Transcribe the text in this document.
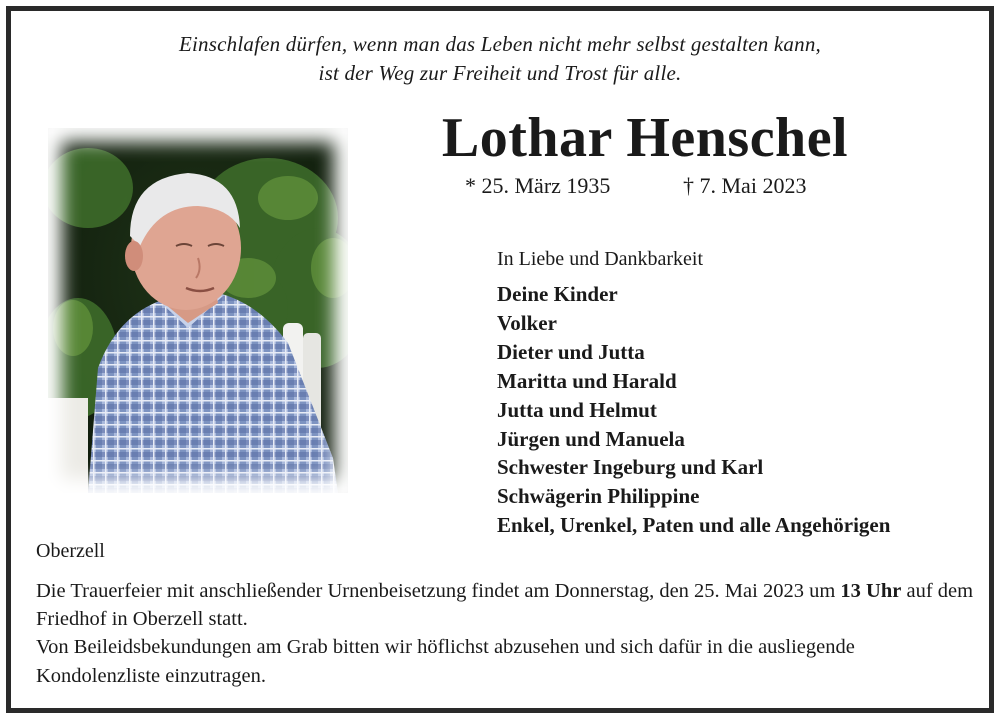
Einschlafen dürfen, wenn man das Leben nicht mehr selbst gestalten kann,
ist der Weg zur Freiheit und Trost für alle.
Lothar Henschel
* 25. März 1935	† 7. Mai 2023
In Liebe und Dankbarkeit
Deine Kinder
Volker
Dieter und Jutta
Maritta und Harald
Jutta und Helmut
Jürgen und Manuela
Schwester Ingeburg und Karl
Schwägerin Philippine
Enkel, Urenkel, Paten und alle Angehörigen
Oberzell

Die Trauerfeier mit anschließender Urnenbeisetzung findet am Donnerstag, den 25. Mai 2023 um 13 Uhr auf dem Friedhof in Oberzell statt.

Von Beileidsbekundungen am Grab bitten wir höflichst abzusehen und sich dafür in die ausliegende Kondolenzliste einzutragen.
